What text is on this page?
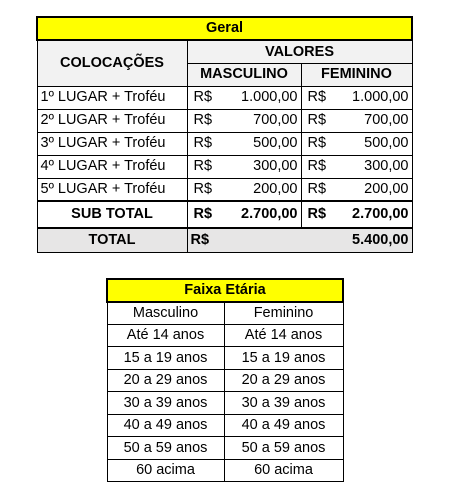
Geral		
COLOCAÇÕES	VALORES	
	MASCULINO	FEMININO
1º LUGAR + Troféu	R$ 1.000,00	R$ 1.000,00

2º LUGAR + Troféu	R$ 700,00	R$ 700,00

3º LUGAR + Troféu	R$ 500,00	R$ 500,00

4º LUGAR + Troféu	R$ 300,00	R$ 300,00

5º LUGAR + Troféu	R$ 200,00	R$ 200,00

SUB TOTAL	R$ 2.700,00	R$ 2.700,00

TOTAL	R$	5.400,00
Faixa Etária	
Masculino	Feminino
Até 14 anos	Até 14 anos
15 a 19 anos	15 a 19 anos
20 a 29 anos	20 a 29 anos
30 a 39 anos	30 a 39 anos
40 a 49 anos	40 a 49 anos
50 a 59 anos	50 a 59 anos
60 acima	60 acima
